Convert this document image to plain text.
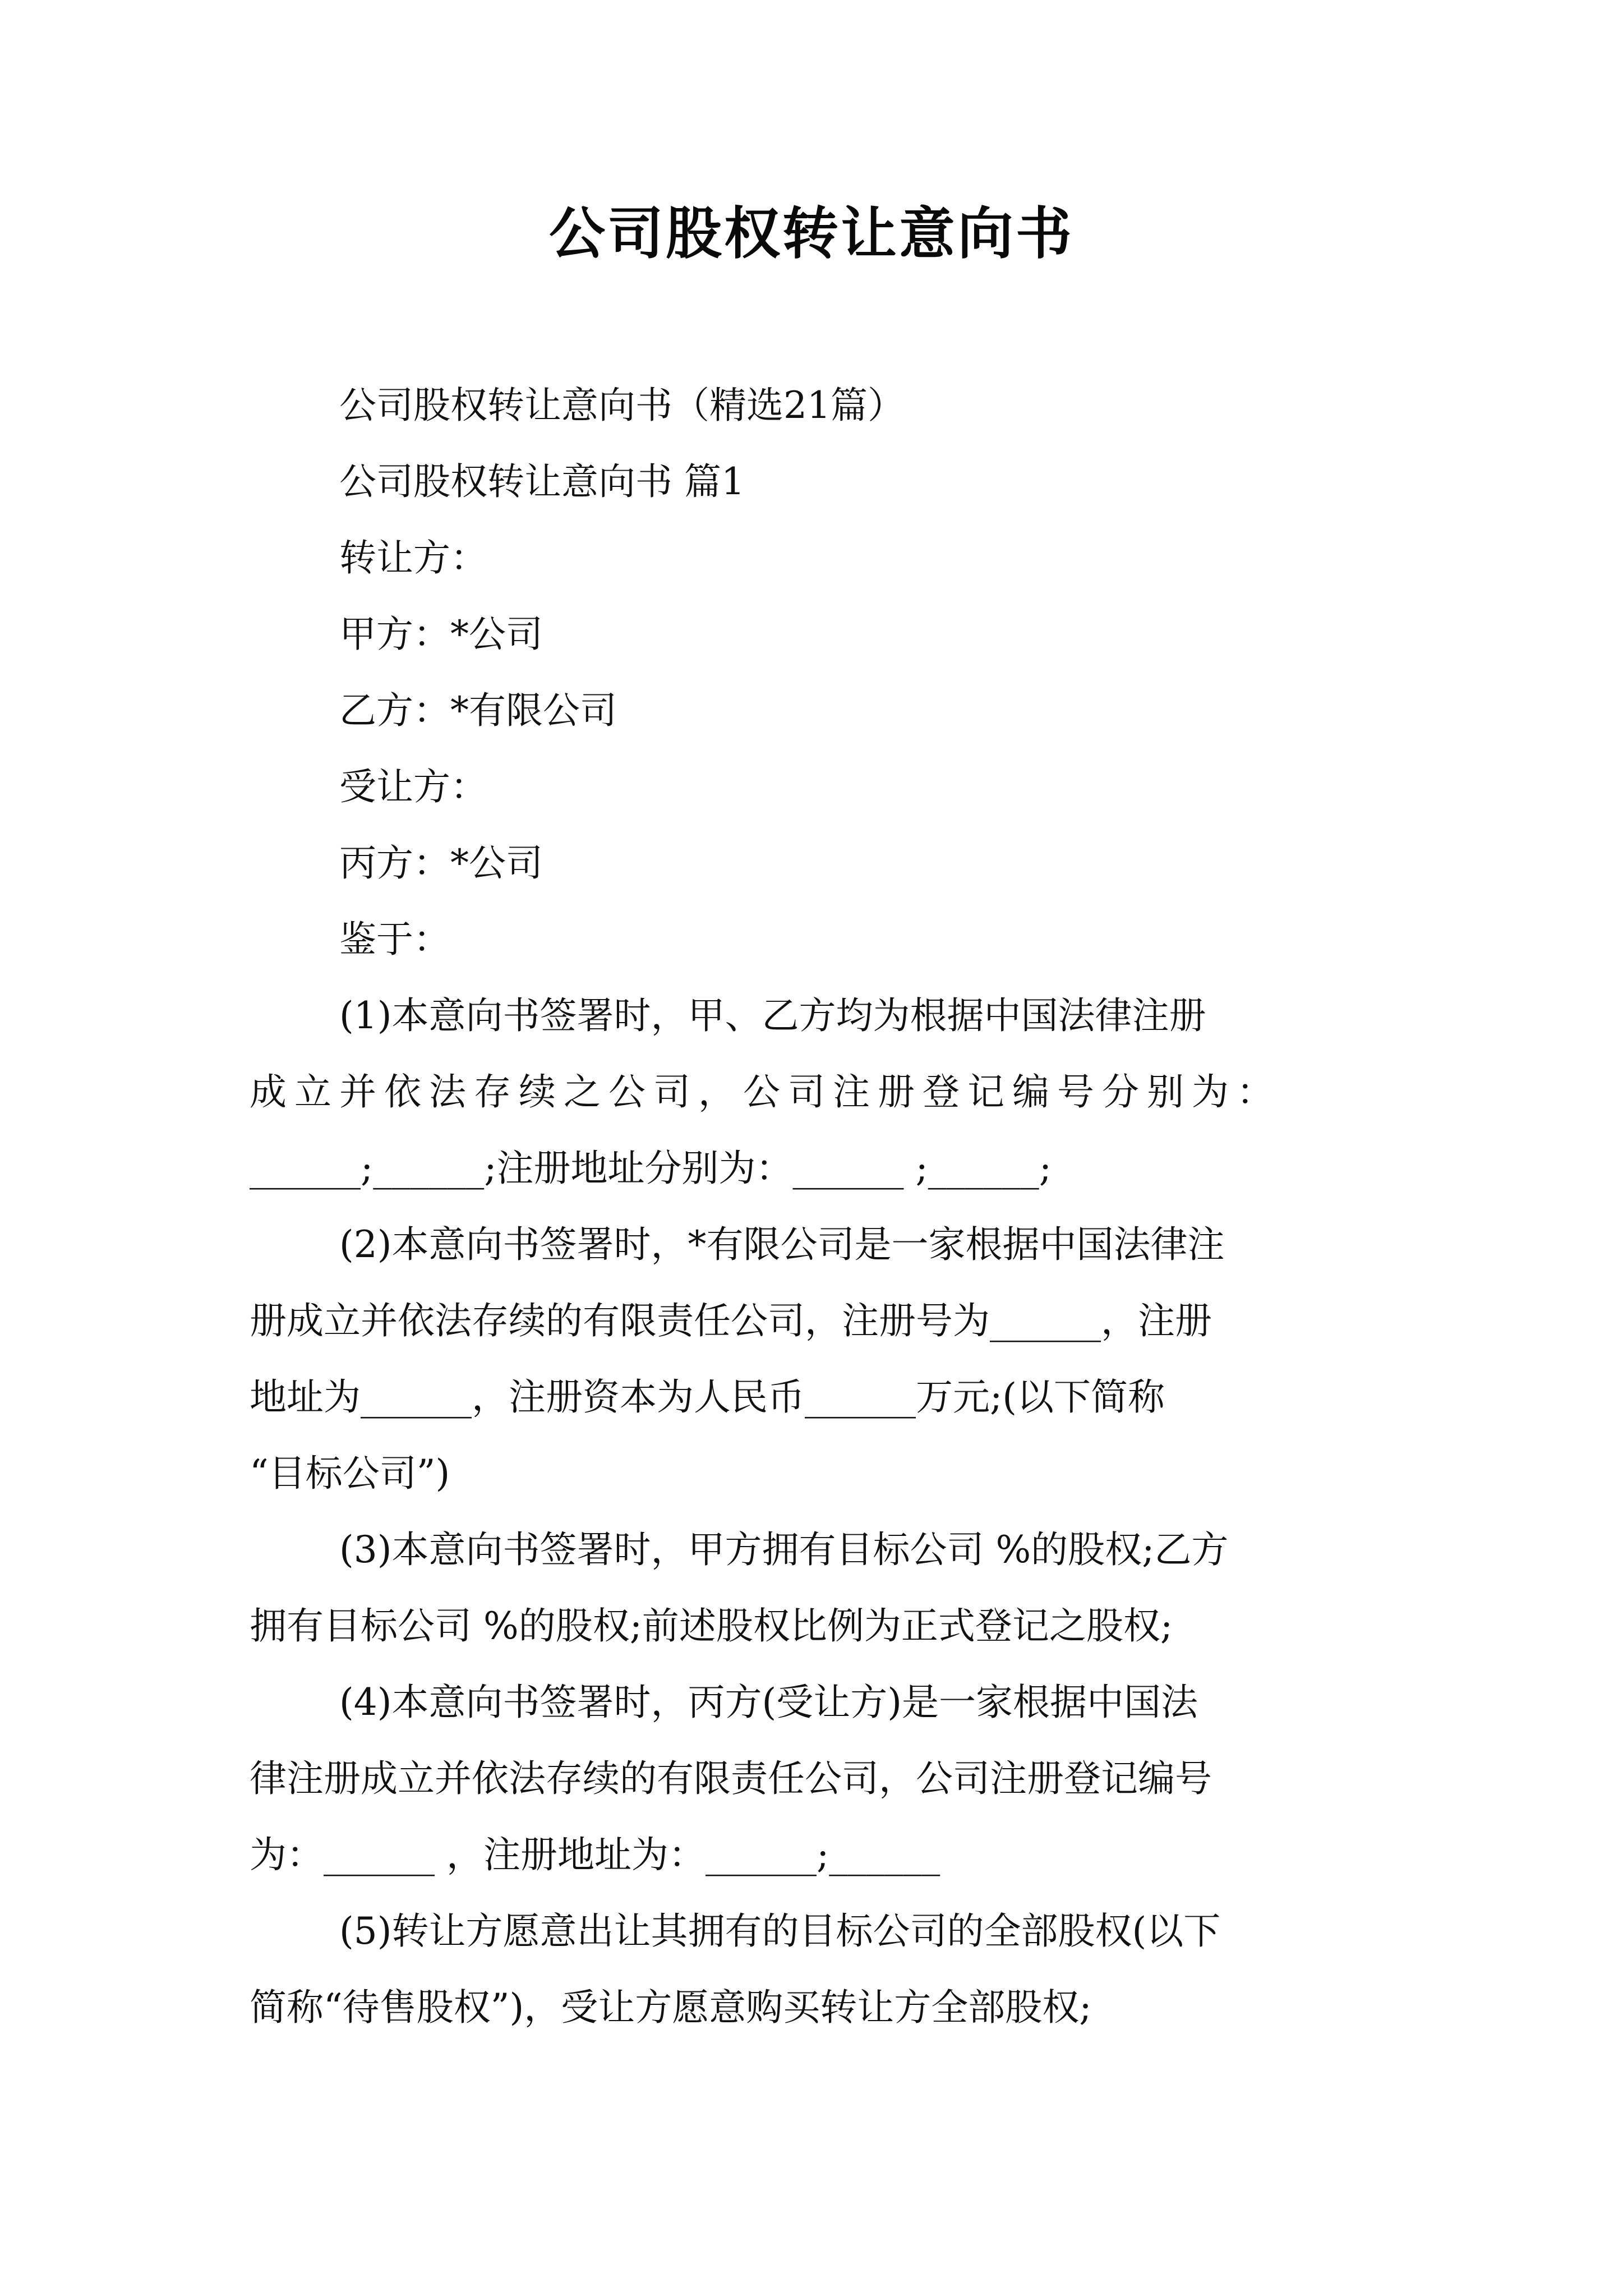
公司股权转让意向书
公司股权转让意向书（精选21篇）
公司股权转让意向书 篇1
转让方：
甲方：*公司
乙方：*有限公司
受让方：
丙方：*公司
鉴于：
(1)本意向书签署时，甲、乙方均为根据中国法律注册
成立并依法存续之公司，公司注册登记编号分别为：
______;______;注册地址分别为：______ ;______;
(2)本意向书签署时，*有限公司是一家根据中国法律注
册成立并依法存续的有限责任公司，注册号为______，注册
地址为______，注册资本为人民币______万元;(以下简称
“目标公司”)
(3)本意向书签署时，甲方拥有目标公司 %的股权;乙方
拥有目标公司 %的股权;前述股权比例为正式登记之股权;
(4)本意向书签署时，丙方(受让方)是一家根据中国法
律注册成立并依法存续的有限责任公司，公司注册登记编号
为：______ ，注册地址为：______;______
(5)转让方愿意出让其拥有的目标公司的全部股权(以下
简称“待售股权”)，受让方愿意购买转让方全部股权;
